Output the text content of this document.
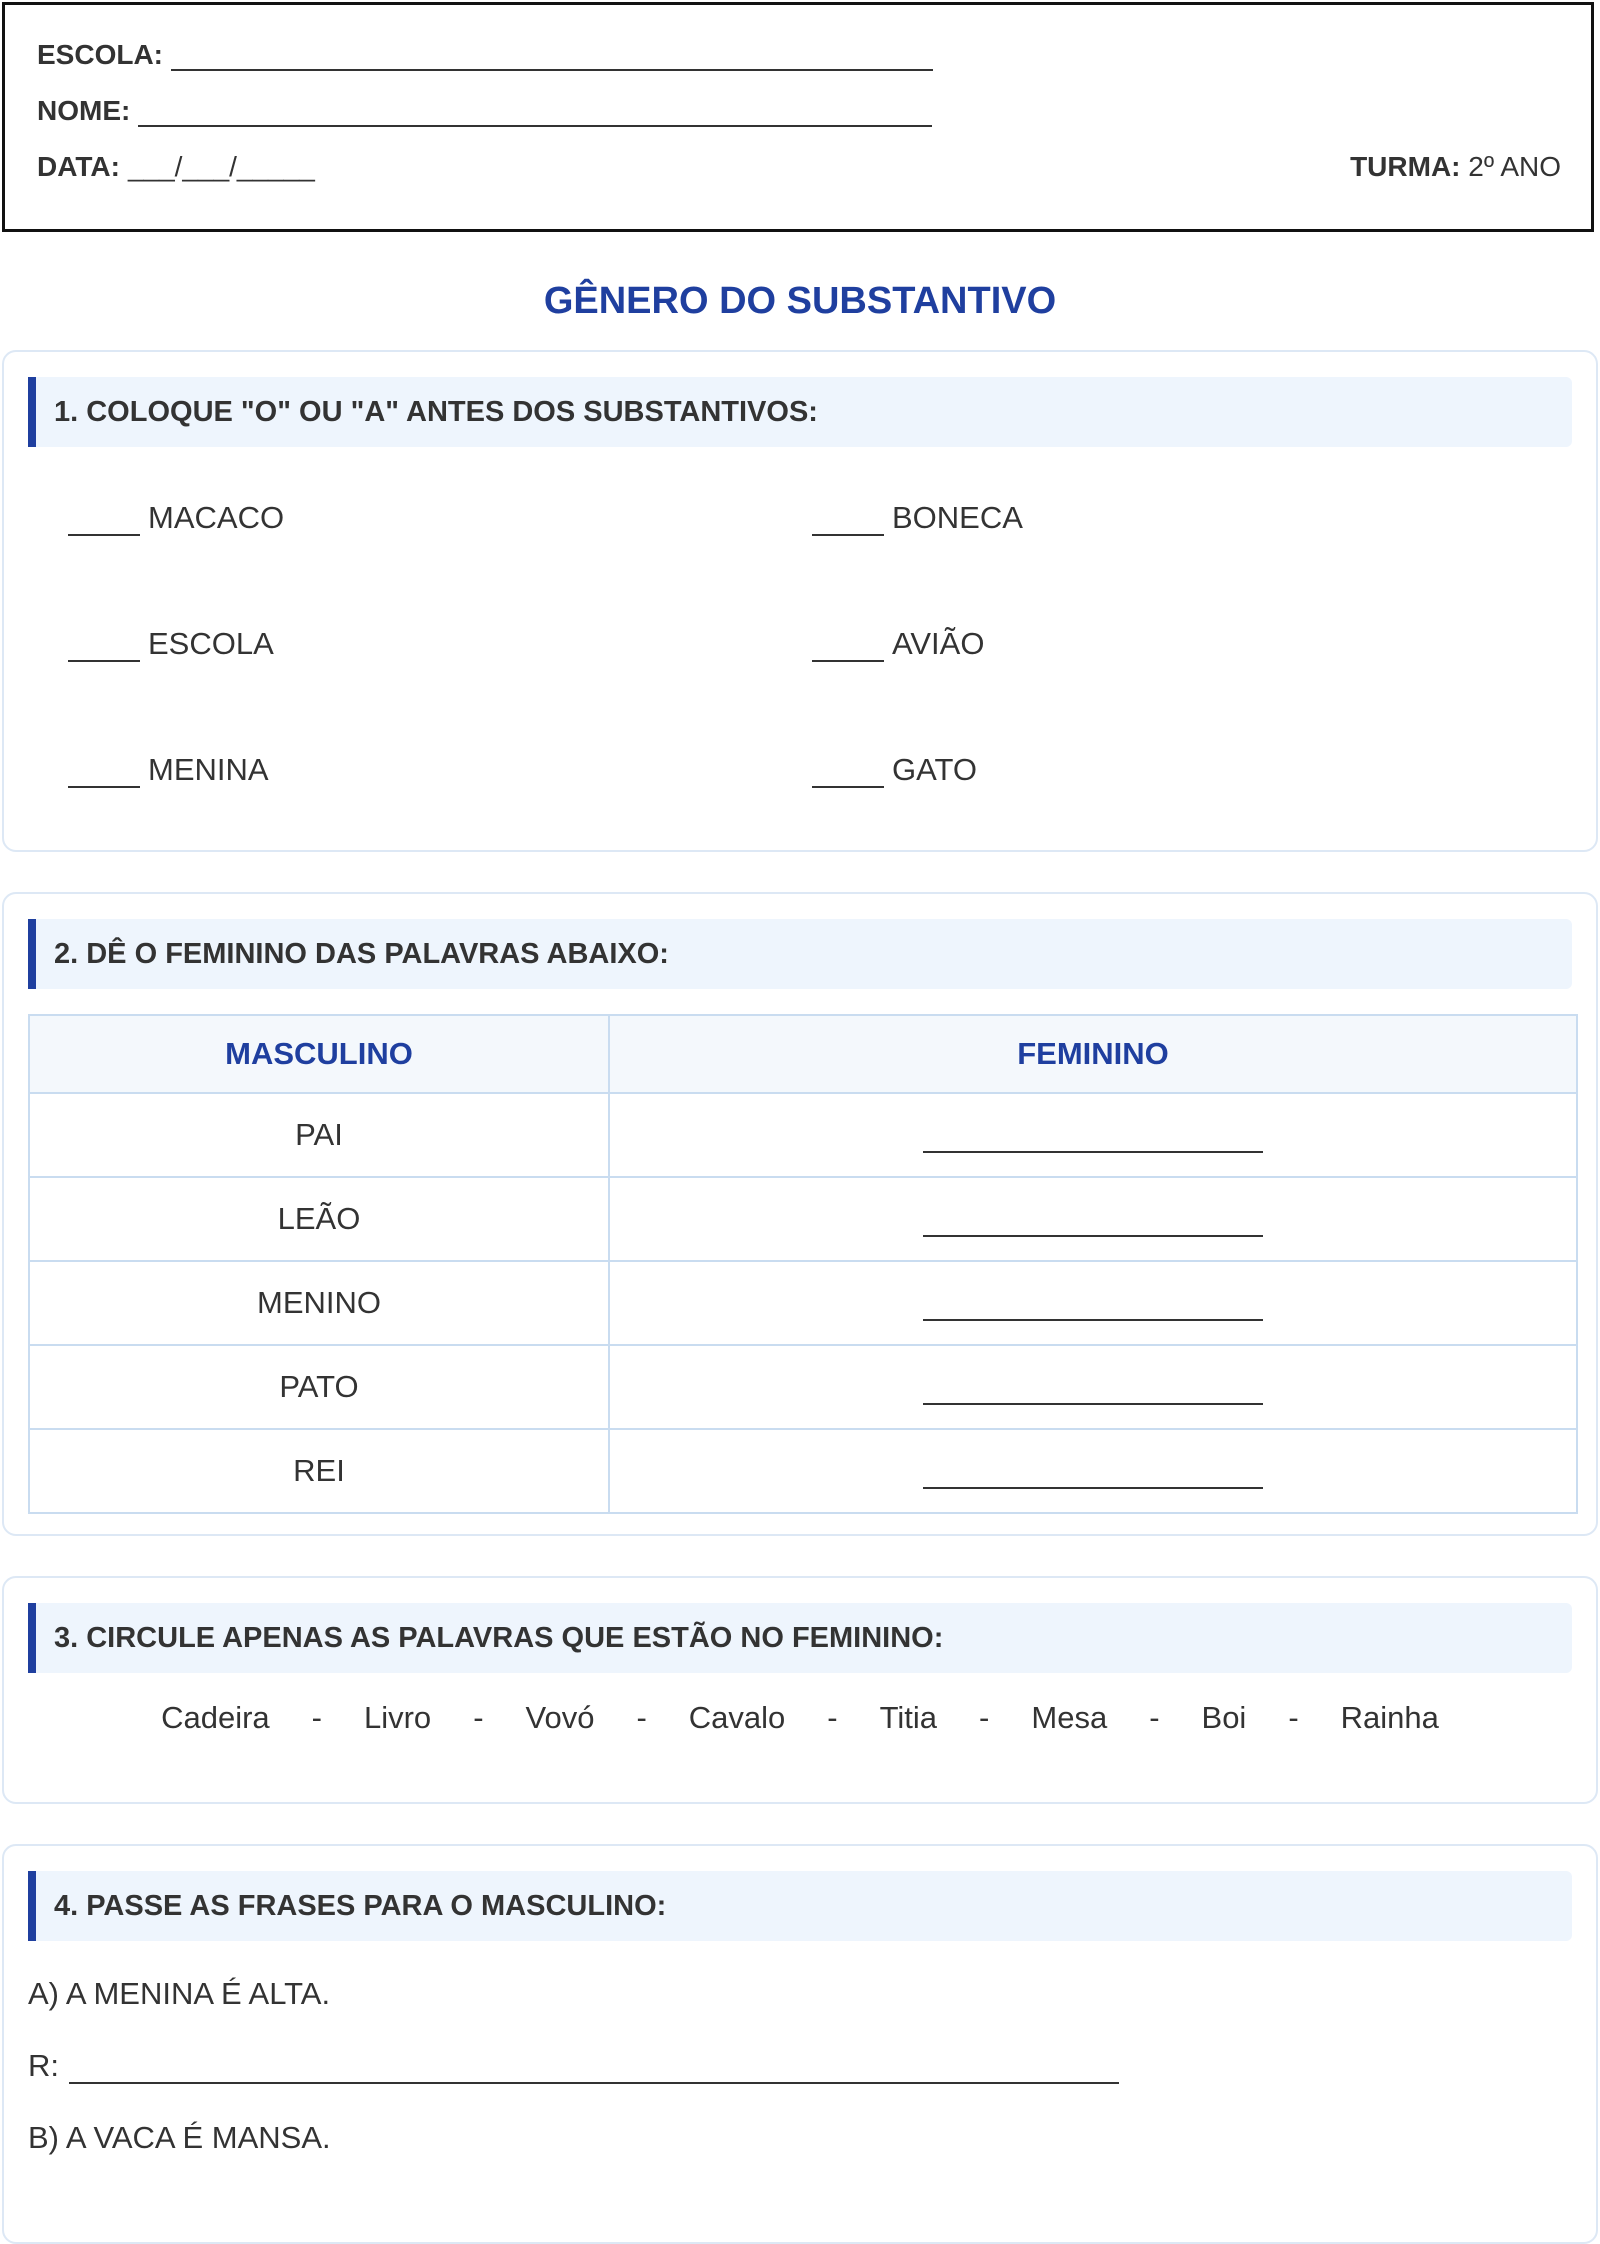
ESCOLA:
NOME:
DATA: ___/___/_____	TURMA: 2º ANO
GÊNERO DO SUBSTANTIVO
1. COLOQUE "O" OU "A" ANTES DOS SUBSTANTIVOS:
MACACO	BONECA
ESCOLA	AVIÃO
MENINA	GATO
2. DÊ O FEMININO DAS PALAVRAS ABAIXO:
MASCULINO	FEMININO
PAI	
LEÃO	
MENINO	
PATO	
REI	
3. CIRCULE APENAS AS PALAVRAS QUE ESTÃO NO FEMININO:
Cadeira - Livro - Vovó - Cavalo - Titia - Mesa - Boi - Rainha
4. PASSE AS FRASES PARA O MASCULINO:
A) A MENINA É ALTA.
R:
B) A VACA É MANSA.
